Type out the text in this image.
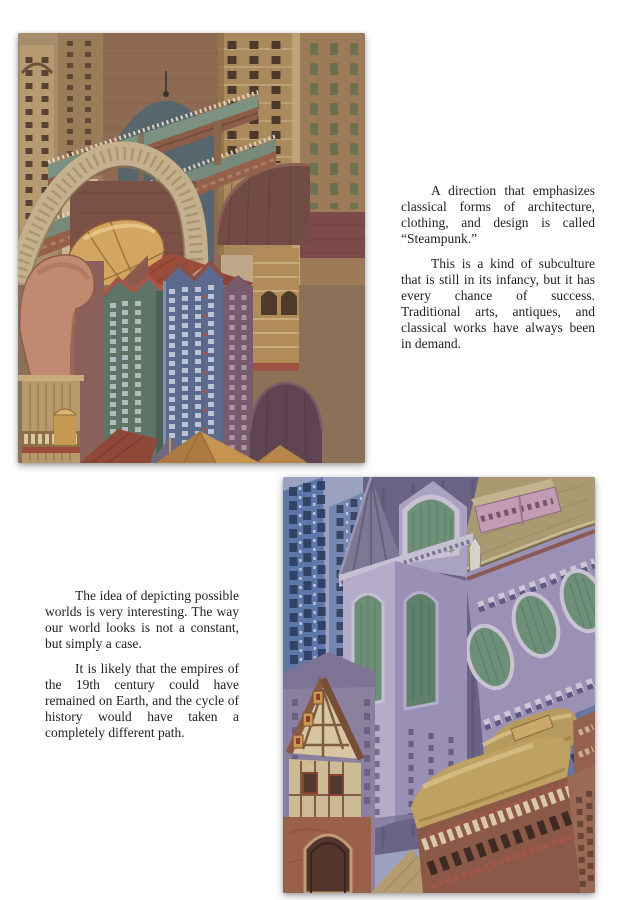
A direction that emphasizes classical forms of architecture, clothing, and design is called “Steampunk.”

This is a kind of subculture that is still in its infancy, but it has every chance of success. Traditional arts, antiques, and classical works have always been in demand.

The idea of depicting possible worlds is very interesting. The way our world looks is not a constant, but simply a case.

It is likely that the empires of the 19th century could have remained on Earth, and the cycle of history would have taken a completely different path.
